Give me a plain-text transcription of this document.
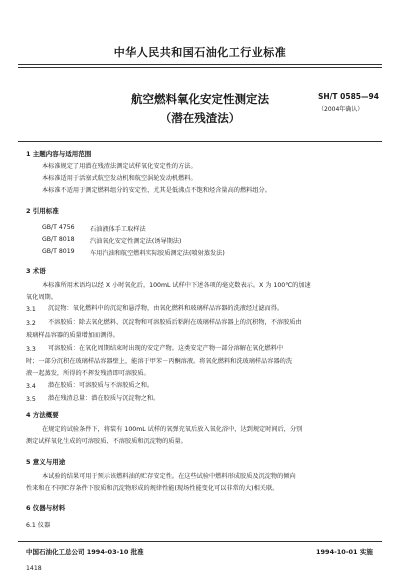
中华人民共和国石油化工行业标准
SH/T 0585—94
（2004年确认）
航空燃料氧化安定性测定法
（潜在残渣法）
1 主题内容与适用范围
本标准规定了用潜在残渣法测定试样氧化安定性的方法。
本标准适用于活塞式航空发动机和航空涡轮发动机燃料。
本标准不适用于测定燃料组分的安定性，尤其是低沸点不饱和烃含量高的燃料组分。
2 引用标准
GB/T 4756 石油液体手工取样法
GB/T 8018 汽油氧化安定性测定法(诱导期法)
GB/T 8019 车用汽油和航空燃料实际胶质测定法(喷射蒸发法)
3 术语
本标准所用术语均以经 X 小时氧化后，100mL 试样中下述各项的毫克数表示。X 为 100℃的加速
氧化周期。
3.1 沉淀物：氧化燃料中的沉淀和悬浮物，由氧化燃料和玻璃样品容器的洗液经过滤而得。
3.2 不溶胶质：除去氧化燃料、沉淀物和可溶胶质后粘附在玻璃样品容器上的沉积物，不溶胶质由
玻璃样品容器的质量增加而测得。
3.3 可溶胶质：在氧化周期结束时出现的安定产物。这类安定产物一部分溶解在氧化燃料中
时；一部分沉积在玻璃样品容器壁上，能溶于甲苯－丙酮溶液。将氧化燃料和洗玻璃样品容器的洗
液一起蒸发，所得的不挥发残渣即可溶胶质。
3.4 潜在胶质：可溶胶质与不溶胶质之和。
3.5 潜在残渣总量：潜在胶质与沉淀物之和。
4 方法概要
在规定的试验条件下，将装有 100mL 试样的氧弹充氧后放入氧化浴中，达到规定时间后，分别
测定试样氧化生成的可溶胶质、不溶胶质和沉淀物的质量。
5 意义与用途
本试验的结果可用于预示该燃料油的贮存安定性。在这些试验中燃料形成胶质及沉淀物的倾向
性来和在不同贮存条件下胶质和沉淀物形成的规律性能(现场性能变化可以非常的大)相关联。
6 仪器与材料
6.1 仪器
中国石油化工总公司 1994-03-10 批准	1994-10-01 实施
1418
